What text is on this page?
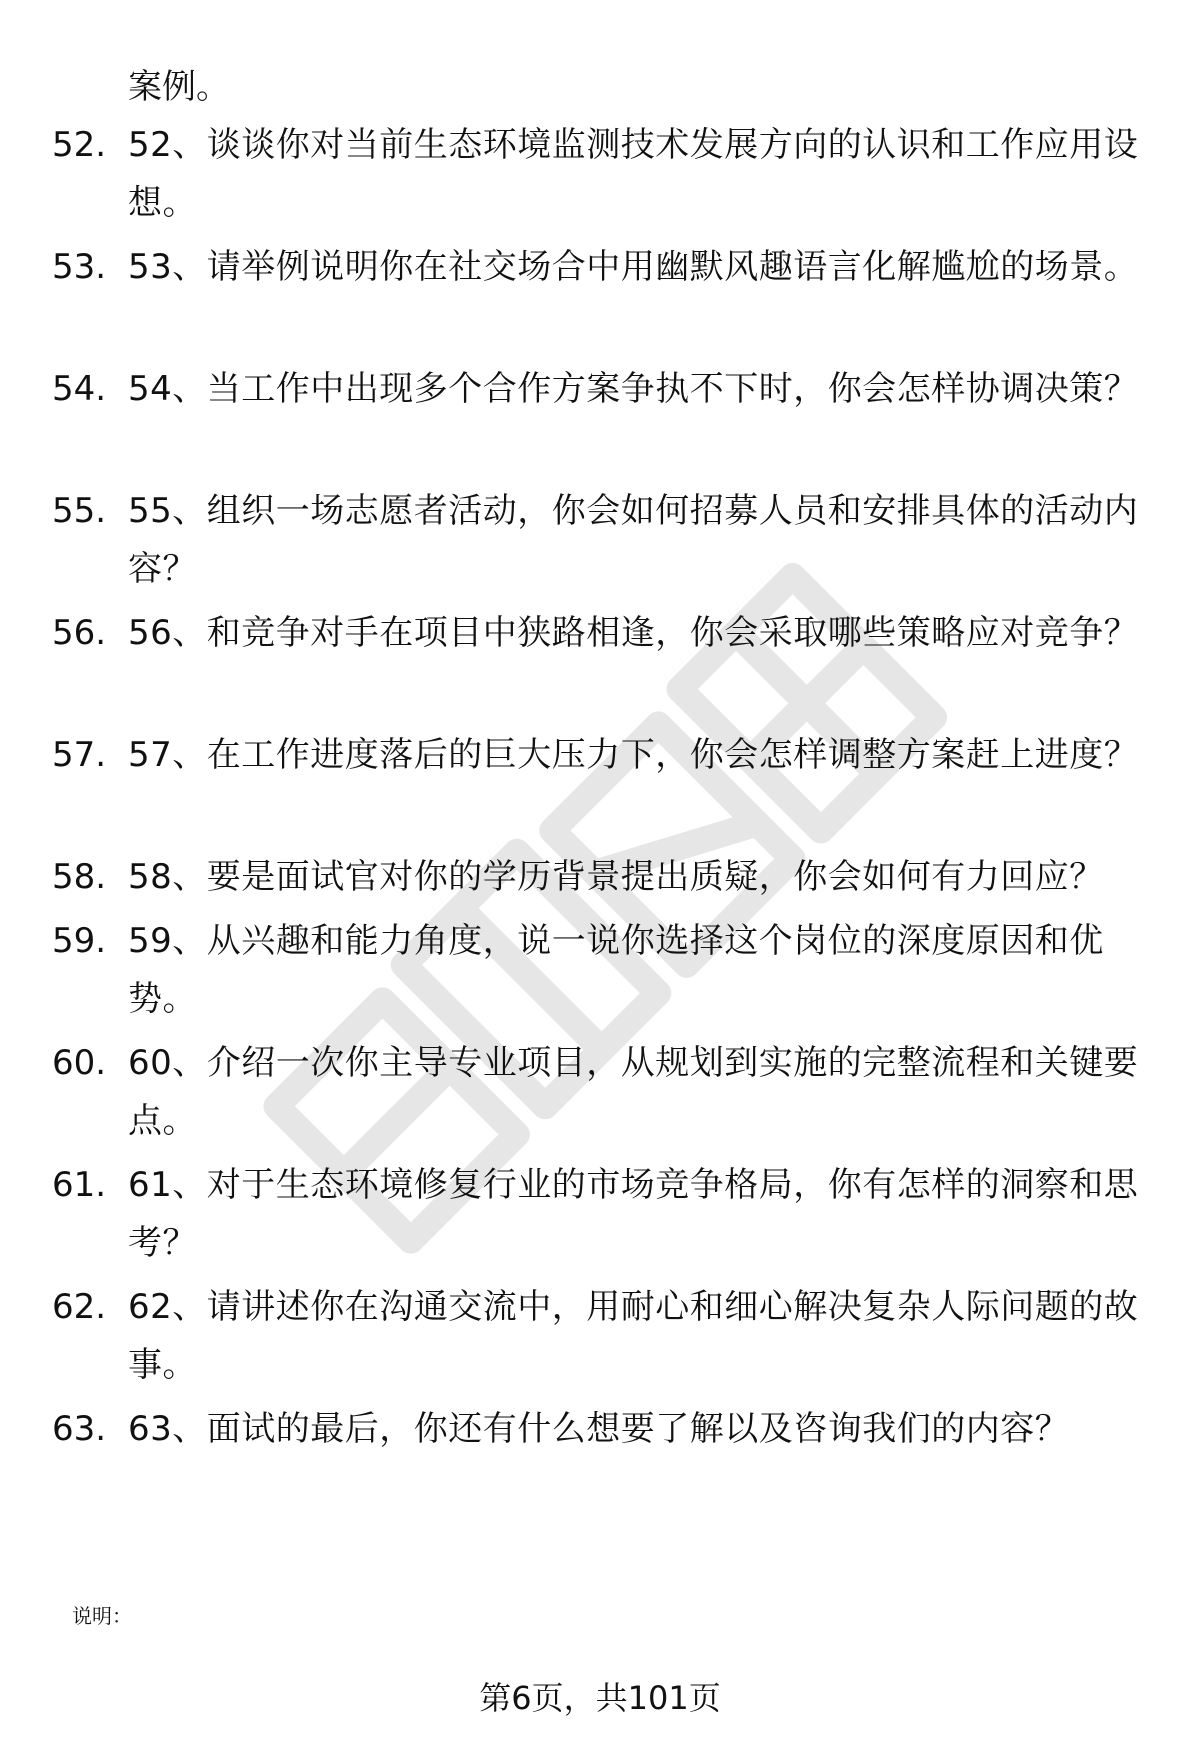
案例。

52. 52、谈谈你对当前生态环境监测技术发展方向的认识和工作应用设想。
53. 53、请举例说明你在社交场合中用幽默风趣语言化解尴尬的场景。
54. 54、当工作中出现多个合作方案争执不下时，你会怎样协调决策？
55. 55、组织一场志愿者活动，你会如何招募人员和安排具体的活动内容？
56. 56、和竞争对手在项目中狭路相逢，你会采取哪些策略应对竞争？
57. 57、在工作进度落后的巨大压力下，你会怎样调整方案赶上进度？
58. 58、要是面试官对你的学历背景提出质疑，你会如何有力回应？
59. 59、从兴趣和能力角度，说一说你选择这个岗位的深度原因和优势。
60. 60、介绍一次你主导专业项目，从规划到实施的完整流程和关键要点。
61. 61、对于生态环境修复行业的市场竞争格局，你有怎样的洞察和思考？
62. 62、请讲述你在沟通交流中，用耐心和细心解决复杂人际问题的故事。
63. 63、面试的最后，你还有什么想要了解以及咨询我们的内容？
说明：
第6页，共101页
